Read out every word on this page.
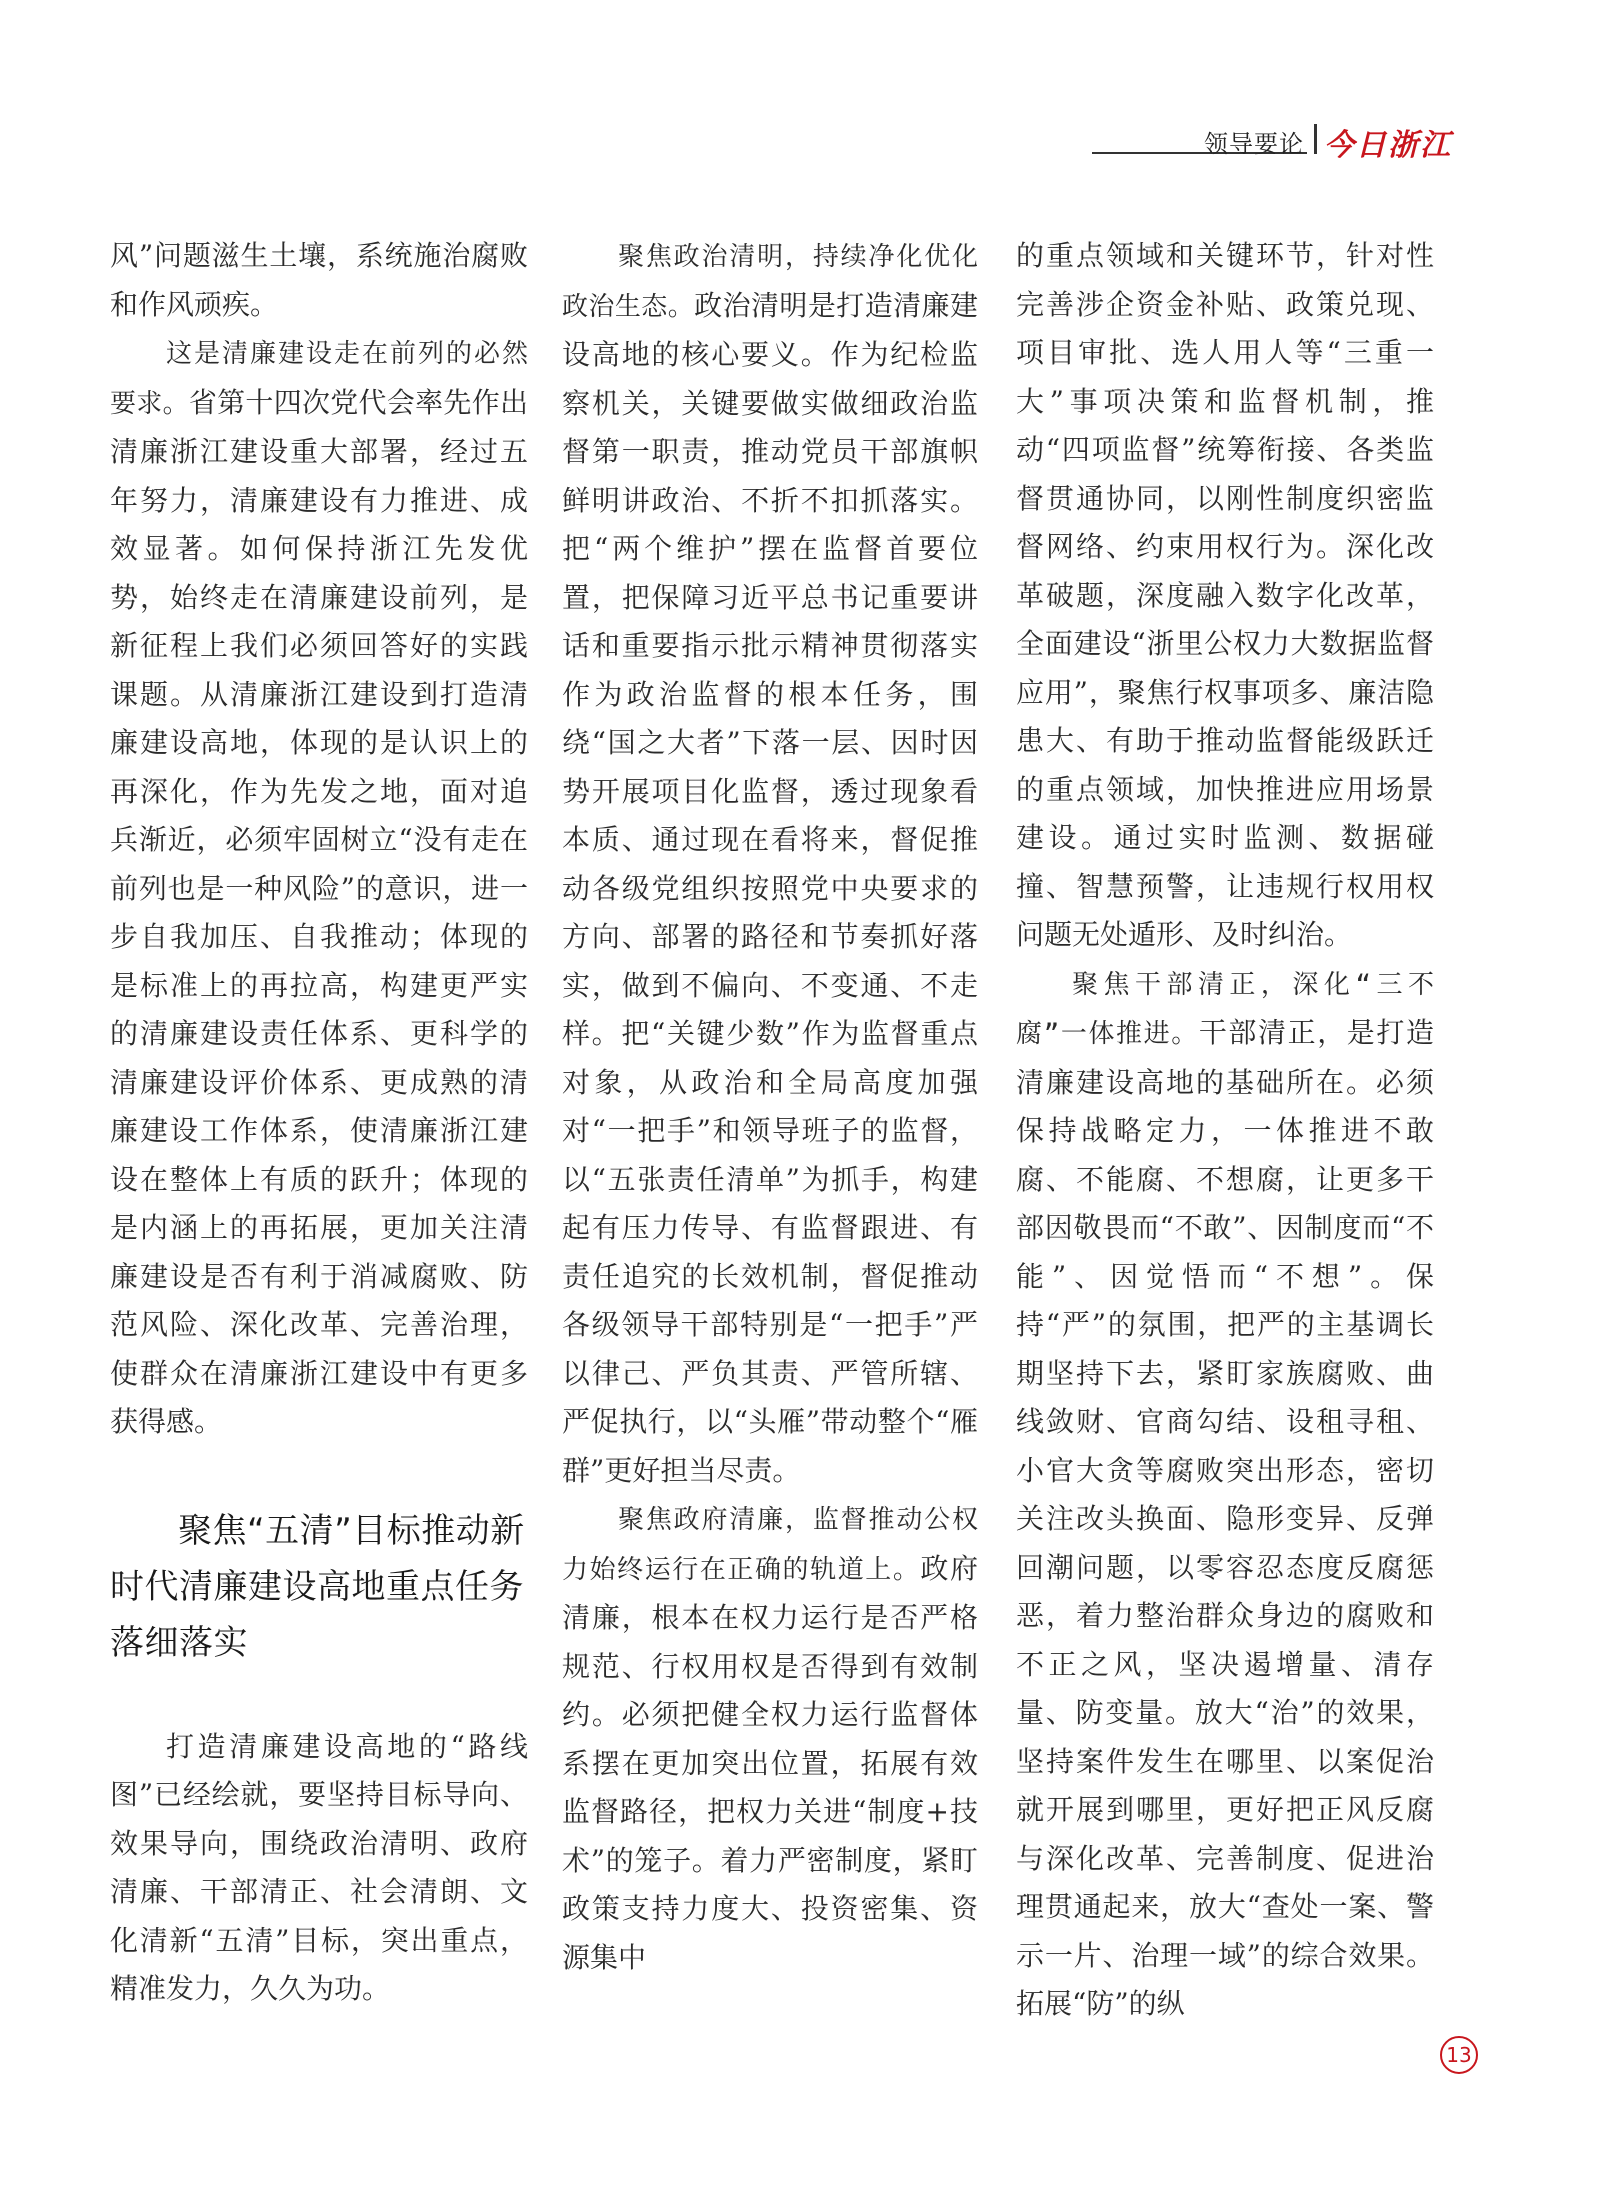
领导要论 今日浙江

风”问题滋生土壤，系统施治腐败和作风顽疾。

这是清廉建设走在前列的必然要求。省第十四次党代会率先作出清廉浙江建设重大部署，经过五年努力，清廉建设有力推进、成效显著。如何保持浙江先发优势，始终走在清廉建设前列，是新征程上我们必须回答好的实践课题。从清廉浙江建设到打造清廉建设高地，体现的是认识上的再深化，作为先发之地，面对追兵渐近，必须牢固树立“没有走在前列也是一种风险”的意识，进一步自我加压、自我推动；体现的是标准上的再拉高，构建更严实的清廉建设责任体系、更科学的清廉建设评价体系、更成熟的清廉建设工作体系，使清廉浙江建设在整体上有质的跃升；体现的是内涵上的再拓展，更加关注清廉建设是否有利于消减腐败、防范风险、深化改革、完善治理，使群众在清廉浙江建设中有更多获得感。

聚焦“五清”目标推动新时代清廉建设高地重点任务落细落实

打造清廉建设高地的“路线图”已经绘就，要坚持目标导向、效果导向，围绕政治清明、政府清廉、干部清正、社会清朗、文化清新“五清”目标，突出重点，精准发力，久久为功。

聚焦政治清明，持续净化优化政治生态。政治清明是打造清廉建设高地的核心要义。作为纪检监察机关，关键要做实做细政治监督第一职责，推动党员干部旗帜鲜明讲政治、不折不扣抓落实。把“两个维护”摆在监督首要位置，把保障习近平总书记重要讲话和重要指示批示精神贯彻落实作为政治监督的根本任务，围绕“国之大者”下落一层、因时因势开展项目化监督，透过现象看本质、通过现在看将来，督促推动各级党组织按照党中央要求的方向、部署的路径和节奏抓好落实，做到不偏向、不变通、不走样。把“关键少数”作为监督重点对象，从政治和全局高度加强对“一把手”和领导班子的监督，以“五张责任清单”为抓手，构建起有压力传导、有监督跟进、有责任追究的长效机制，督促推动各级领导干部特别是“一把手”严以律己、严负其责、严管所辖、严促执行，以“头雁”带动整个“雁群”更好担当尽责。

聚焦政府清廉，监督推动公权力始终运行在正确的轨道上。政府清廉，根本在权力运行是否严格规范、行权用权是否得到有效制约。必须把健全权力运行监督体系摆在更加突出位置，拓展有效监督路径，把权力关进“制度+技术”的笼子。着力严密制度，紧盯政策支持力度大、投资密集、资源集中

的重点领域和关键环节，针对性完善涉企资金补贴、政策兑现、项目审批、选人用人等“三重一大”事项决策和监督机制，推动“四项监督”统筹衔接、各类监督贯通协同，以刚性制度织密监督网络、约束用权行为。深化改革破题，深度融入数字化改革，全面建设“浙里公权力大数据监督应用”，聚焦行权事项多、廉洁隐患大、有助于推动监督能级跃迁的重点领域，加快推进应用场景建设。通过实时监测、数据碰撞、智慧预警，让违规行权用权问题无处遁形、及时纠治。

聚焦干部清正，深化“三不腐”一体推进。干部清正，是打造清廉建设高地的基础所在。必须保持战略定力，一体推进不敢腐、不能腐、不想腐，让更多干部因敬畏而“不敢”、因制度而“不能”、因觉悟而“不想”。保持“严”的氛围，把严的主基调长期坚持下去，紧盯家族腐败、曲线敛财、官商勾结、设租寻租、小官大贪等腐败突出形态，密切关注改头换面、隐形变异、反弹回潮问题，以零容忍态度反腐惩恶，着力整治群众身边的腐败和不正之风，坚决遏增量、清存量、防变量。放大“治”的效果，坚持案件发生在哪里、以案促治就开展到哪里，更好把正风反腐与深化改革、完善制度、促进治理贯通起来，放大“查处一案、警示一片、治理一域”的综合效果。拓展“防”的纵

13
